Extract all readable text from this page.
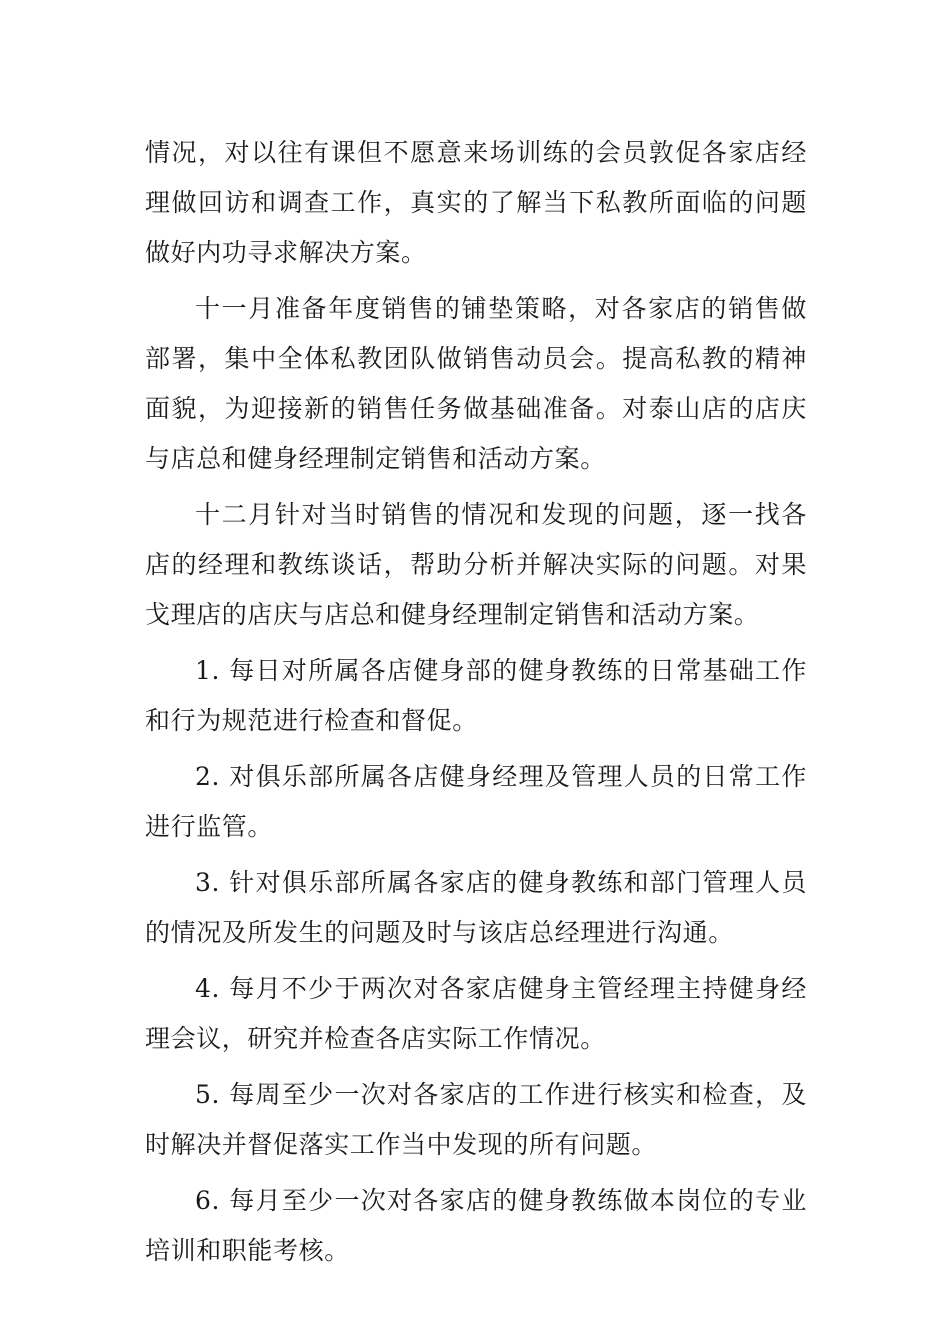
情况，对以往有课但不愿意来场训练的会员敦促各家店经理做回访和调查工作，真实的了解当下私教所面临的问题做好内功寻求解决方案。

十一月准备年度销售的铺垫策略，对各家店的销售做部署，集中全体私教团队做销售动员会。提高私教的精神面貌，为迎接新的销售任务做基础准备。对泰山店的店庆与店总和健身经理制定销售和活动方案。

十二月针对当时销售的情况和发现的问题，逐一找各店的经理和教练谈话，帮助分析并解决实际的问题。对果戈理店的店庆与店总和健身经理制定销售和活动方案。

1. 每日对所属各店健身部的健身教练的日常基础工作和行为规范进行检查和督促。

2. 对俱乐部所属各店健身经理及管理人员的日常工作进行监管。

3. 针对俱乐部所属各家店的健身教练和部门管理人员的情况及所发生的问题及时与该店总经理进行沟通。

4. 每月不少于两次对各家店健身主管经理主持健身经理会议，研究并检查各店实际工作情况。

5. 每周至少一次对各家店的工作进行核实和检查，及时解决并督促落实工作当中发现的所有问题。

6. 每月至少一次对各家店的健身教练做本岗位的专业培训和职能考核。
